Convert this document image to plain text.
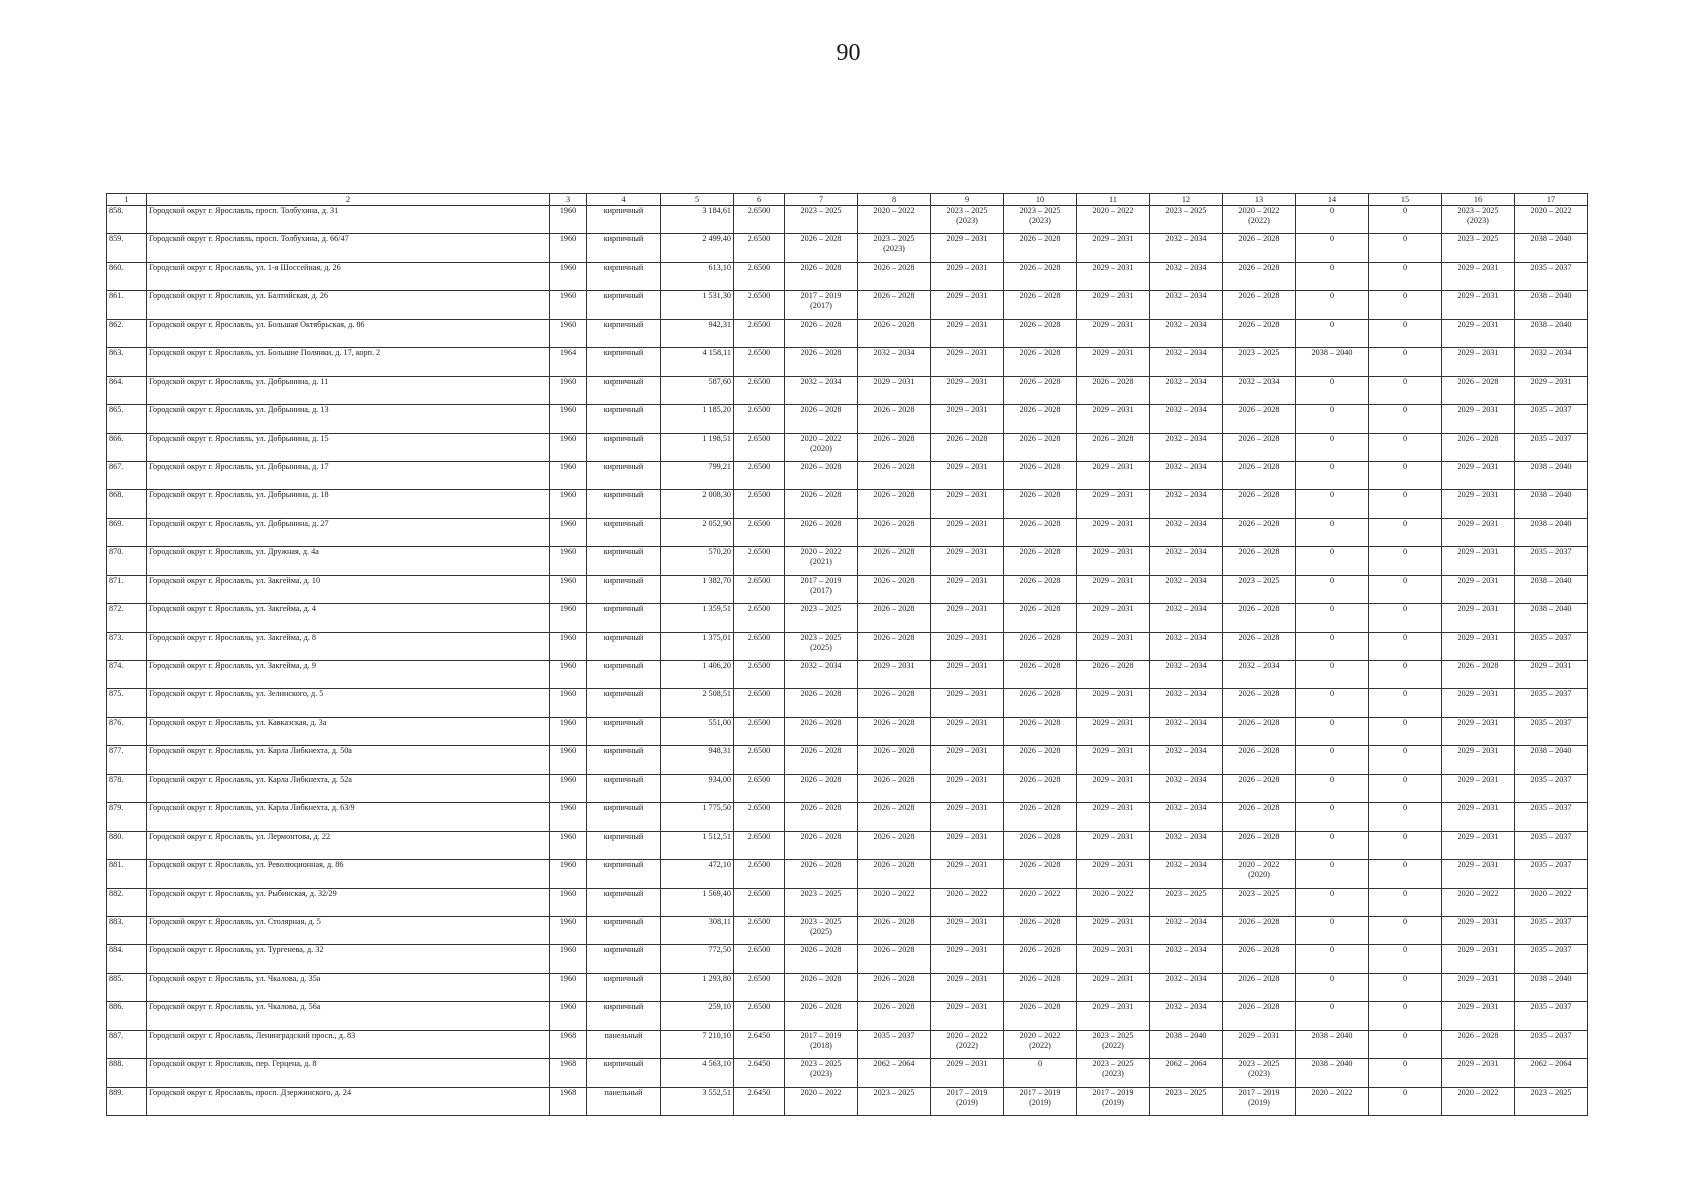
90
1	2	3	4	5	6	7	8	9	10	11	12	13	14	15	16	17
858.	Городской округ г. Ярославль, просп. Толбухина, д. 31	1960	кирпичный	3 184,61	2.6500	2023 – 2025	2020 – 2022	2023 – 2025
(2023)	2023 – 2025
(2023)	2020 – 2022	2023 – 2025	2020 – 2022
(2022)	0	0	2023 – 2025
(2023)	2020 – 2022
859.	Городской округ г. Ярославль, просп. Толбухина, д. 66/47	1960	кирпичный	2 499,40	2.6500	2026 – 2028	2023 – 2025
(2023)	2029 – 2031	2026 – 2028	2029 – 2031	2032 – 2034	2026 – 2028	0	0	2023 – 2025	2038 – 2040
860.	Городской округ г. Ярославль, ул. 1-я Шоссейная, д. 26	1960	кирпичный	613,10	2.6500	2026 – 2028	2026 – 2028	2029 – 2031	2026 – 2028	2029 – 2031	2032 – 2034	2026 – 2028	0	0	2029 – 2031	2035 – 2037
861.	Городской округ г. Ярославль, ул. Балтийская, д. 26	1960	кирпичный	1 531,30	2.6500	2017 – 2019
(2017)	2026 – 2028	2029 – 2031	2026 – 2028	2029 – 2031	2032 – 2034	2026 – 2028	0	0	2029 – 2031	2038 – 2040
862.	Городской округ г. Ярославль, ул. Большая Октябрьская, д. 86	1960	кирпичный	942,31	2.6500	2026 – 2028	2026 – 2028	2029 – 2031	2026 – 2028	2029 – 2031	2032 – 2034	2026 – 2028	0	0	2029 – 2031	2038 – 2040
863.	Городской округ г. Ярославль, ул. Большие Полянки, д. 17, корп. 2	1964	кирпичный	4 158,11	2.6500	2026 – 2028	2032 – 2034	2029 – 2031	2026 – 2028	2029 – 2031	2032 – 2034	2023 – 2025	2038 – 2040	0	2029 – 2031	2032 – 2034
864.	Городской округ г. Ярославль, ул. Добрынина, д. 11	1960	кирпичный	587,60	2.6500	2032 – 2034	2029 – 2031	2029 – 2031	2026 – 2028	2026 – 2028	2032 – 2034	2032 – 2034	0	0	2026 – 2028	2029 – 2031
865.	Городской округ г. Ярославль, ул. Добрынина, д. 13	1960	кирпичный	1 185,20	2.6500	2026 – 2028	2026 – 2028	2029 – 2031	2026 – 2028	2029 – 2031	2032 – 2034	2026 – 2028	0	0	2029 – 2031	2035 – 2037
866.	Городской округ г. Ярославль, ул. Добрынина, д. 15	1960	кирпичный	1 198,51	2.6500	2020 – 2022
(2020)	2026 – 2028	2026 – 2028	2026 – 2028	2026 – 2028	2032 – 2034	2026 – 2028	0	0	2026 – 2028	2035 – 2037
867.	Городской округ г. Ярославль, ул. Добрынина, д. 17	1960	кирпичный	799,21	2.6500	2026 – 2028	2026 – 2028	2029 – 2031	2026 – 2028	2029 – 2031	2032 – 2034	2026 – 2028	0	0	2029 – 2031	2038 – 2040
868.	Городской округ г. Ярославль, ул. Добрынина, д. 18	1960	кирпичный	2 008,30	2.6500	2026 – 2028	2026 – 2028	2029 – 2031	2026 – 2028	2029 – 2031	2032 – 2034	2026 – 2028	0	0	2029 – 2031	2038 – 2040
869.	Городской округ г. Ярославль, ул. Добрынина, д. 27	1960	кирпичный	2 052,90	2.6500	2026 – 2028	2026 – 2028	2029 – 2031	2026 – 2028	2029 – 2031	2032 – 2034	2026 – 2028	0	0	2029 – 2031	2038 – 2040
870.	Городской округ г. Ярославль, ул. Дружная, д. 4а	1960	кирпичный	570,20	2.6500	2020 – 2022
(2021)	2026 – 2028	2029 – 2031	2026 – 2028	2029 – 2031	2032 – 2034	2026 – 2028	0	0	2029 – 2031	2035 – 2037
871.	Городской округ г. Ярославль, ул. Закгейма, д. 10	1960	кирпичный	1 382,70	2.6500	2017 – 2019
(2017)	2026 – 2028	2029 – 2031	2026 – 2028	2029 – 2031	2032 – 2034	2023 – 2025	0	0	2029 – 2031	2038 – 2040
872.	Городской округ г. Ярославль, ул. Закгейма, д. 4	1960	кирпичный	1 359,51	2.6500	2023 – 2025	2026 – 2028	2029 – 2031	2026 – 2028	2029 – 2031	2032 – 2034	2026 – 2028	0	0	2029 – 2031	2038 – 2040
873.	Городской округ г. Ярославль, ул. Закгейма, д. 8	1960	кирпичный	1 375,01	2.6500	2023 – 2025
(2025)	2026 – 2028	2029 – 2031	2026 – 2028	2029 – 2031	2032 – 2034	2026 – 2028	0	0	2029 – 2031	2035 – 2037
874.	Городской округ г. Ярославль, ул. Закгейма, д. 9	1960	кирпичный	1 406,20	2.6500	2032 – 2034	2029 – 2031	2029 – 2031	2026 – 2028	2026 – 2028	2032 – 2034	2032 – 2034	0	0	2026 – 2028	2029 – 2031
875.	Городской округ г. Ярославль, ул. Зелинского, д. 5	1960	кирпичный	2 508,51	2.6500	2026 – 2028	2026 – 2028	2029 – 2031	2026 – 2028	2029 – 2031	2032 – 2034	2026 – 2028	0	0	2029 – 2031	2035 – 2037
876.	Городской округ г. Ярославль, ул. Кавказская, д. 3а	1960	кирпичный	551,00	2.6500	2026 – 2028	2026 – 2028	2029 – 2031	2026 – 2028	2029 – 2031	2032 – 2034	2026 – 2028	0	0	2029 – 2031	2035 – 2037
877.	Городской округ г. Ярославль, ул. Карла Либкнехта, д. 50а	1960	кирпичный	948,31	2.6500	2026 – 2028	2026 – 2028	2029 – 2031	2026 – 2028	2029 – 2031	2032 – 2034	2026 – 2028	0	0	2029 – 2031	2038 – 2040
878.	Городской округ г. Ярославль, ул. Карла Либкнехта, д. 52а	1960	кирпичный	934,00	2.6500	2026 – 2028	2026 – 2028	2029 – 2031	2026 – 2028	2029 – 2031	2032 – 2034	2026 – 2028	0	0	2029 – 2031	2035 – 2037
879.	Городской округ г. Ярославль, ул. Карла Либкнехта, д. 63/9	1960	кирпичный	1 775,50	2.6500	2026 – 2028	2026 – 2028	2029 – 2031	2026 – 2028	2029 – 2031	2032 – 2034	2026 – 2028	0	0	2029 – 2031	2035 – 2037
880.	Городской округ г. Ярославль, ул. Лермонтова, д. 22	1960	кирпичный	1 512,51	2.6500	2026 – 2028	2026 – 2028	2029 – 2031	2026 – 2028	2029 – 2031	2032 – 2034	2026 – 2028	0	0	2029 – 2031	2035 – 2037
881.	Городской округ г. Ярославль, ул. Революционная, д. 86	1960	кирпичный	472,10	2.6500	2026 – 2028	2026 – 2028	2029 – 2031	2026 – 2028	2029 – 2031	2032 – 2034	2020 – 2022
(2020)	0	0	2029 – 2031	2035 – 2037
882.	Городской округ г. Ярославль, ул. Рыбинская, д. 32/29	1960	кирпичный	1 569,40	2.6500	2023 – 2025	2020 – 2022	2020 – 2022	2020 – 2022	2020 – 2022	2023 – 2025	2023 – 2025	0	0	2020 – 2022	2020 – 2022
883.	Городской округ г. Ярославль, ул. Столярная, д. 5	1960	кирпичный	308,11	2.6500	2023 – 2025
(2025)	2026 – 2028	2029 – 2031	2026 – 2028	2029 – 2031	2032 – 2034	2026 – 2028	0	0	2029 – 2031	2035 – 2037
884.	Городской округ г. Ярославль, ул. Тургенева, д. 32	1960	кирпичный	772,50	2.6500	2026 – 2028	2026 – 2028	2029 – 2031	2026 – 2028	2029 – 2031	2032 – 2034	2026 – 2028	0	0	2029 – 2031	2035 – 2037
885.	Городской округ г. Ярославль, ул. Чкалова, д. 35а	1960	кирпичный	1 293,80	2.6500	2026 – 2028	2026 – 2028	2029 – 2031	2026 – 2028	2029 – 2031	2032 – 2034	2026 – 2028	0	0	2029 – 2031	2038 – 2040
886.	Городской округ г. Ярославль, ул. Чкалова, д. 56а	1960	кирпичный	259,10	2.6500	2026 – 2028	2026 – 2028	2029 – 2031	2026 – 2028	2029 – 2031	2032 – 2034	2026 – 2028	0	0	2029 – 2031	2035 – 2037
887.	Городской округ г. Ярославль, Ленинградский просп., д. 83	1968	панельный	7 210,10	2.6450	2017 – 2019
(2018)	2035 – 2037	2020 – 2022
(2022)	2020 – 2022
(2022)	2023 – 2025
(2022)	2038 – 2040	2029 – 2031	2038 – 2040	0	2026 – 2028	2035 – 2037
888.	Городской округ г. Ярославль, пер. Герцена, д. 8	1968	кирпичный	4 563,10	2.6450	2023 – 2025
(2023)	2062 – 2064	2029 – 2031	0	2023 – 2025
(2023)	2062 – 2064	2023 – 2025
(2023)	2038 – 2040	0	2029 – 2031	2062 – 2064
889.	Городской округ г. Ярославль, просп. Дзержинского, д. 24	1968	панельный	3 552,51	2.6450	2020 – 2022	2023 – 2025	2017 – 2019
(2019)	2017 – 2019
(2019)	2017 – 2019
(2019)	2023 – 2025	2017 – 2019
(2019)	2020 – 2022	0	2020 – 2022	2023 – 2025
